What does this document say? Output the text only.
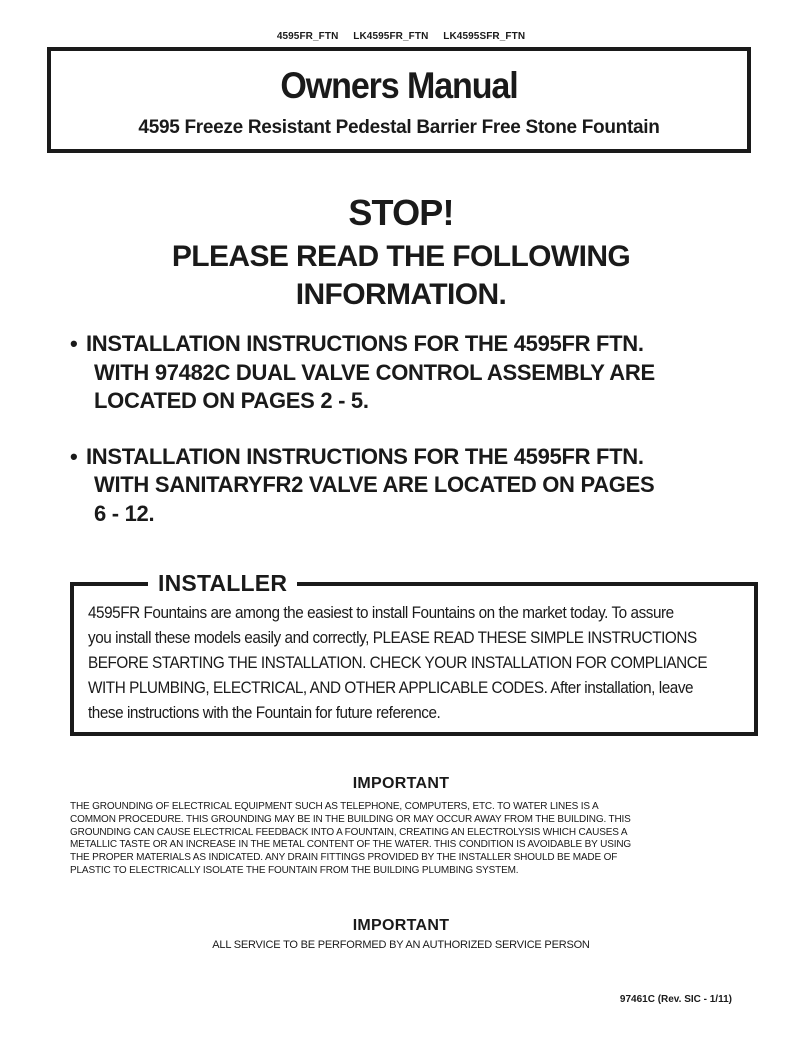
4595FR_FTN LK4595FR_FTN LK4595SFR_FTN
Owners Manual
4595 Freeze Resistant Pedestal Barrier Free Stone Fountain
STOP!
PLEASE READ THE FOLLOWING
INFORMATION.
• INSTALLATION INSTRUCTIONS FOR THE 4595FR FTN.
WITH 97482C DUAL VALVE CONTROL ASSEMBLY ARE
LOCATED ON PAGES 2 - 5.
• INSTALLATION INSTRUCTIONS FOR THE 4595FR FTN.
WITH SANITARYFR2 VALVE ARE LOCATED ON PAGES
6 - 12.
INSTALLER
4595FR Fountains are among the easiest to install Fountains on the market today. To assure
you install these models easily and correctly, PLEASE READ THESE SIMPLE INSTRUCTIONS
BEFORE STARTING THE INSTALLATION. CHECK YOUR INSTALLATION FOR COMPLIANCE
WITH PLUMBING, ELECTRICAL, AND OTHER APPLICABLE CODES. After installation, leave
these instructions with the Fountain for future reference.
IMPORTANT
THE GROUNDING OF ELECTRICAL EQUIPMENT SUCH AS TELEPHONE, COMPUTERS, ETC. TO WATER LINES IS A
COMMON PROCEDURE. THIS GROUNDING MAY BE IN THE BUILDING OR MAY OCCUR AWAY FROM THE BUILDING. THIS
GROUNDING CAN CAUSE ELECTRICAL FEEDBACK INTO A FOUNTAIN, CREATING AN ELECTROLYSIS WHICH CAUSES A
METALLIC TASTE OR AN INCREASE IN THE METAL CONTENT OF THE WATER. THIS CONDITION IS AVOIDABLE BY USING
THE PROPER MATERIALS AS INDICATED. ANY DRAIN FITTINGS PROVIDED BY THE INSTALLER SHOULD BE MADE OF
PLASTIC TO ELECTRICALLY ISOLATE THE FOUNTAIN FROM THE BUILDING PLUMBING SYSTEM.
IMPORTANT
ALL SERVICE TO BE PERFORMED BY AN AUTHORIZED SERVICE PERSON
97461C (Rev. SIC - 1/11)
